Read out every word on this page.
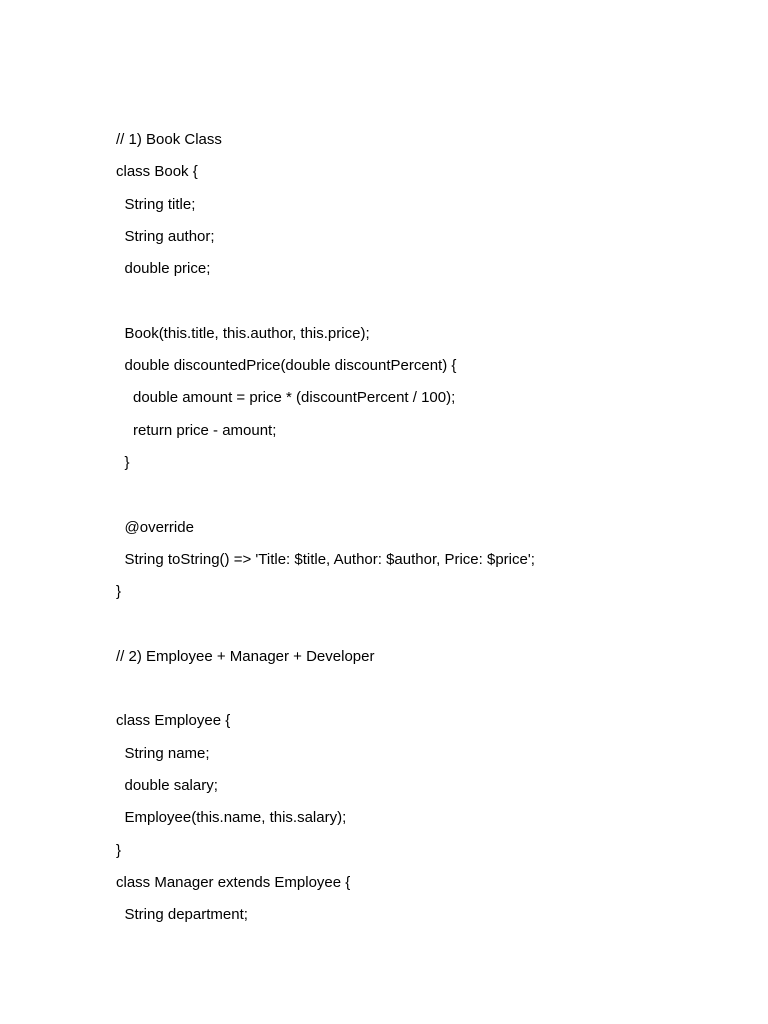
// 1) Book Class
class Book {
String title;
String author;
double price;
Book(this.title, this.author, this.price);
double discountedPrice(double discountPercent) {
double amount = price * (discountPercent / 100);
return price - amount;
}
@override
String toString() => 'Title: $title, Author: $author, Price: $price';
}
// 2) Employee + Manager + Developer
class Employee {
String name;
double salary;
Employee(this.name, this.salary);
}
class Manager extends Employee {
String department;
